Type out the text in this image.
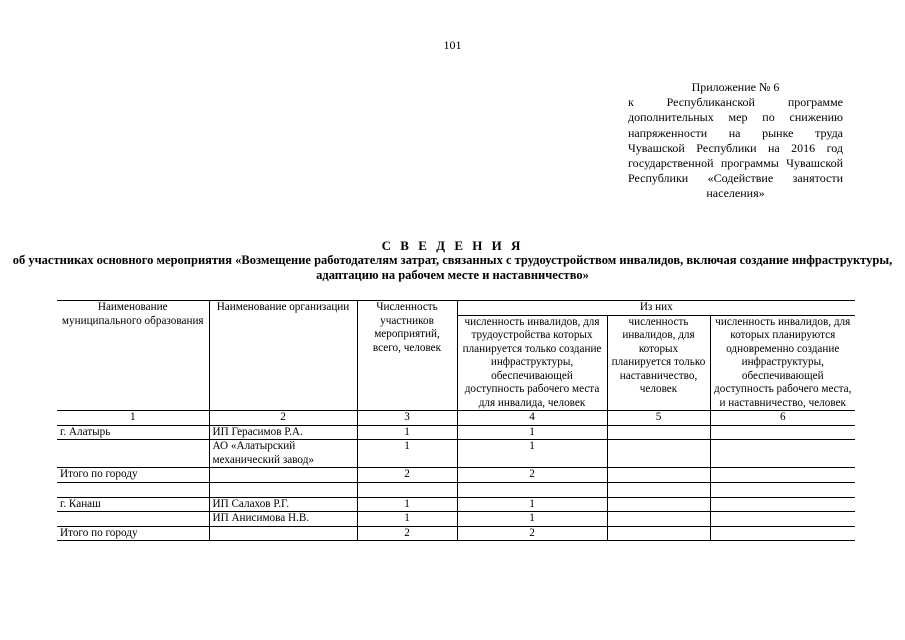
101
Приложение № 6
к Республиканской программе дополнительных мер по снижению напряженности на рынке труда Чувашской Республики на 2016 год государственной программы Чувашской Республики «Содействие занятости населения»
С В Е Д Е Н И Я
об участниках основного мероприятия «Возмещение работодателям затрат, связанных с трудоустройством инвалидов, включая создание инфраструктуры, адаптацию на рабочем месте и наставничество»
Наименование муниципального образования	Наименование организации	Численность участников мероприятий, всего, человек	Из них		
			численность инвалидов, для трудоустройства которых планируется только создание инфраструктуры, обеспечивающей доступность рабочего места для инвалида, человек	численность инвалидов, для которых планируется только наставничество, человек	численность инвалидов, для которых планируются одновременно создание инфраструктуры, обеспечивающей доступность рабочего места, и наставничество, человек
1	2	3	4	5	6
г. Алатырь	ИП Герасимов Р.А.	1	1		
	АО «Алатырский механический завод»	1	1		
Итого по городу		2	2		

г. Канаш	ИП Салахов Р.Г.	1	1		
	ИП Анисимова Н.В.	1	1		
Итого по городу		2	2		
